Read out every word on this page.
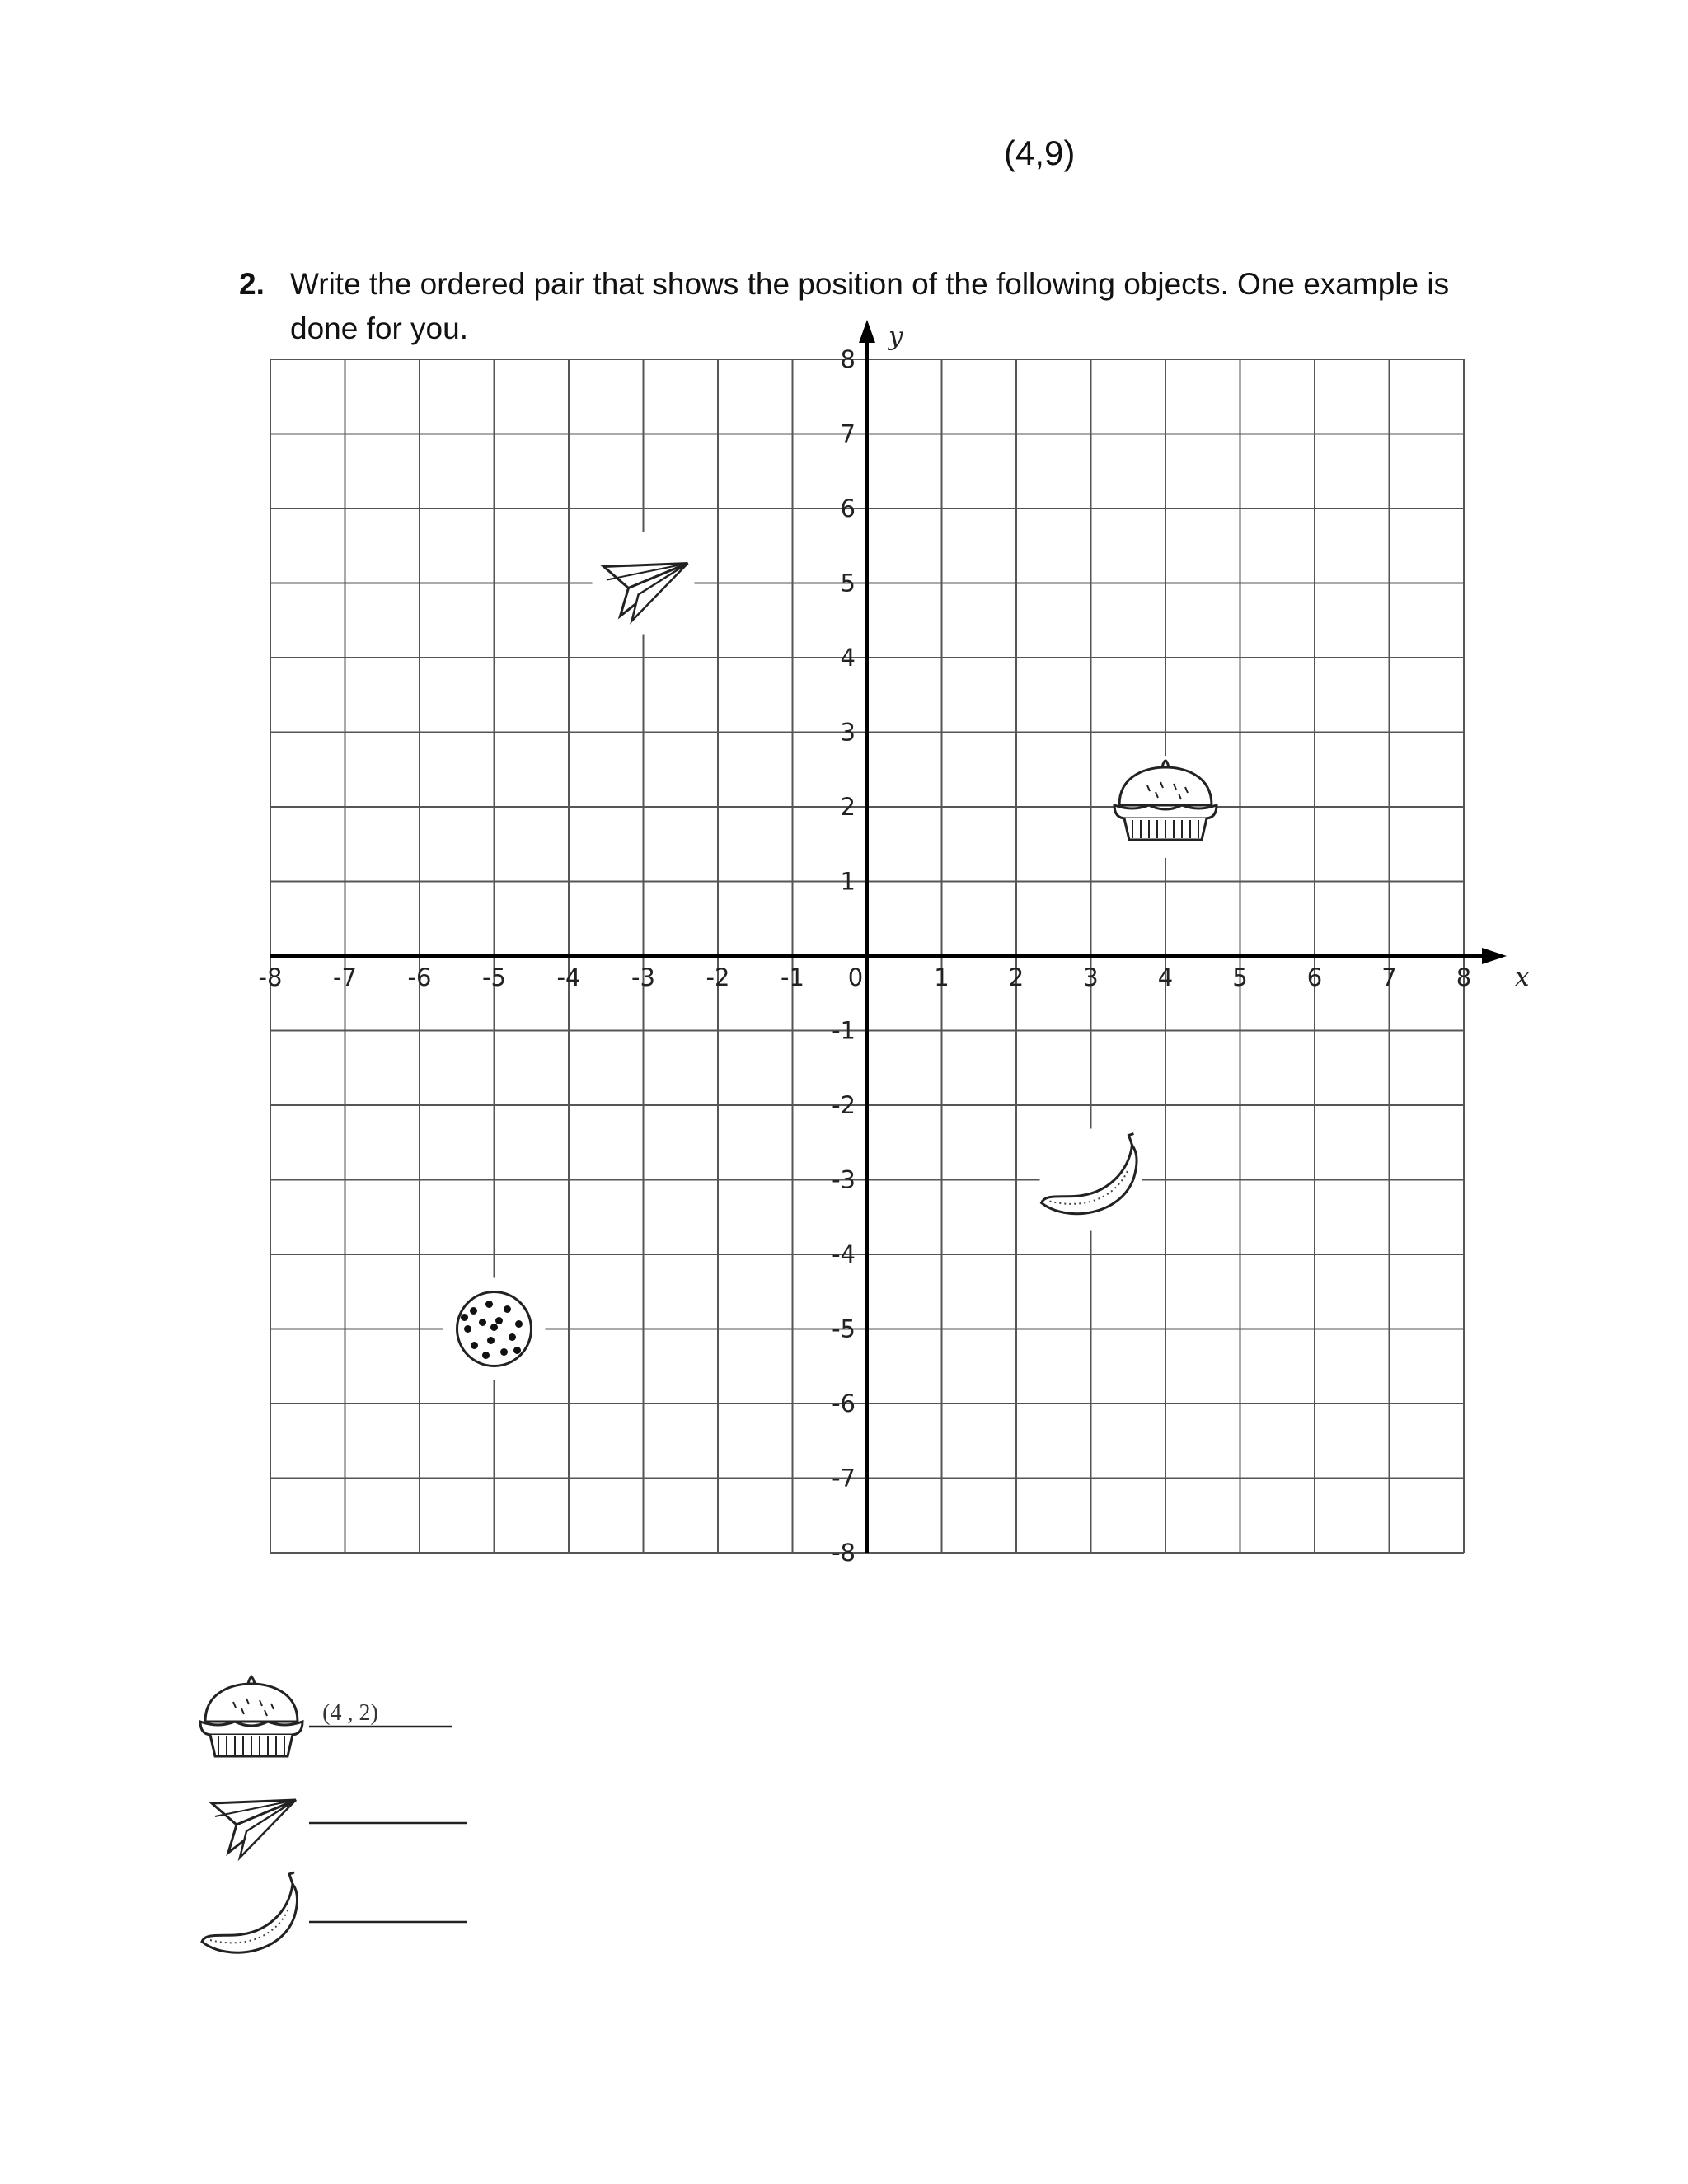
(4,9)
2. Write the ordered pair that shows the position of the following objects. One example is done for you.
-8 -7 -6 -5 -4 -3 -2 -1 0	1 2 3 4 5 6 7 8
8
7
6
5
4
3
2
1
-1
-2
-3
-4
-5
-6
-7
-8
x
y
(4 , 2)
